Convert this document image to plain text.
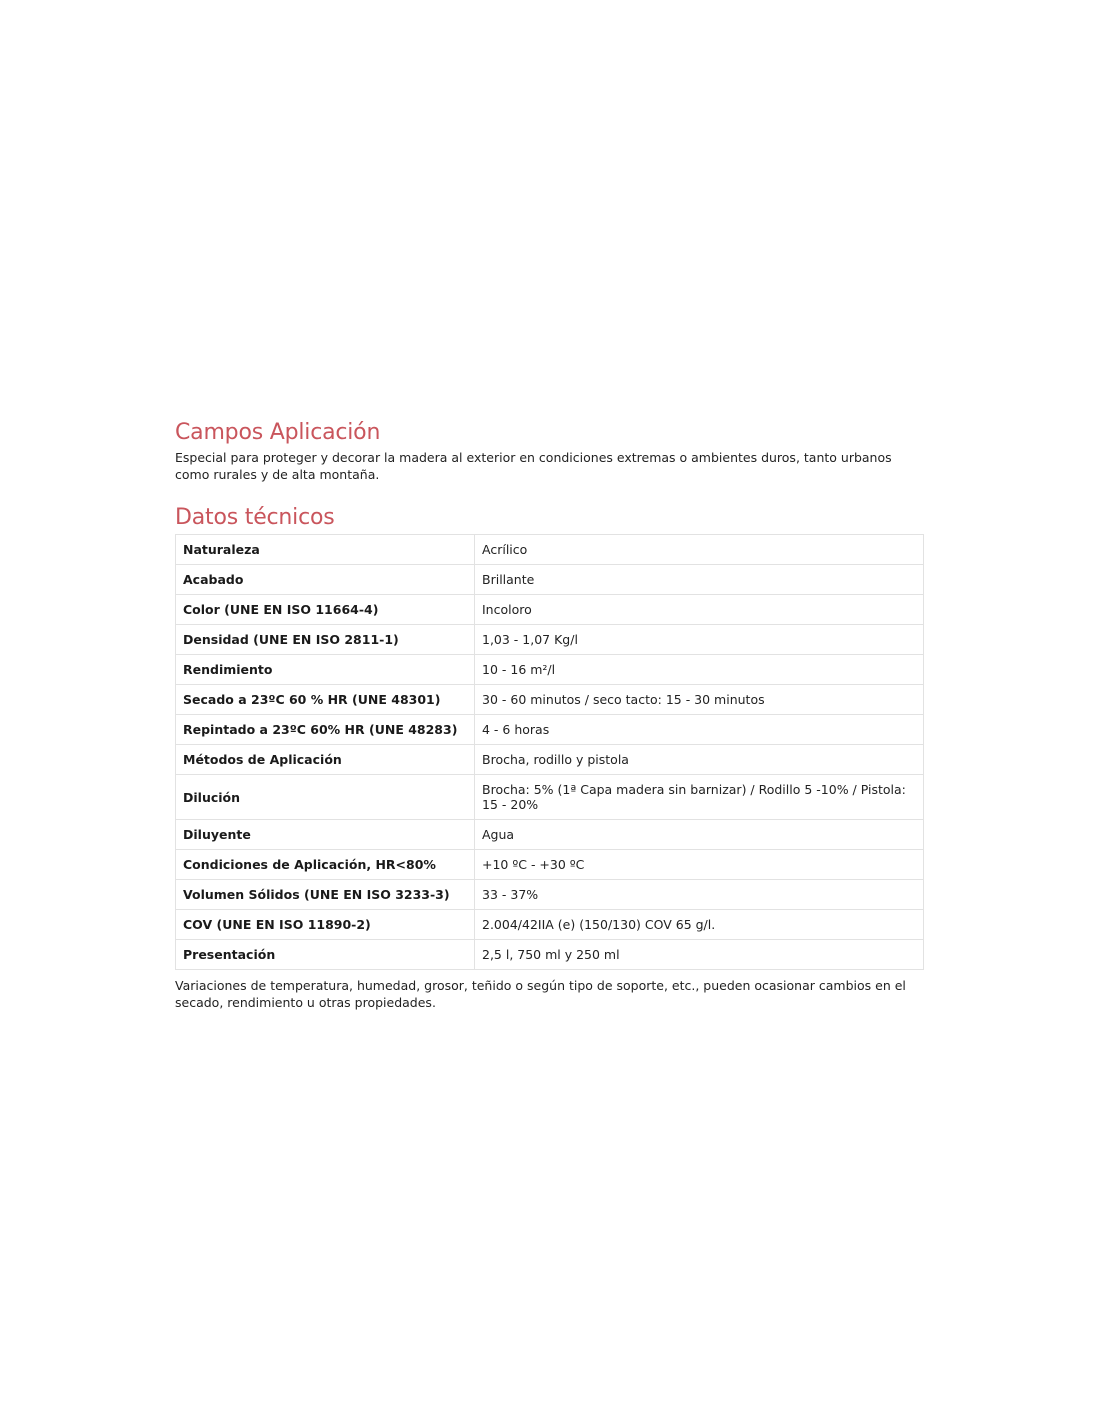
Campos Aplicación

Especial para proteger y decorar la madera al exterior en condiciones extremas o ambientes duros, tanto urbanos como rurales y de alta montaña.

Datos técnicos
Naturaleza	Acrílico
Acabado	Brillante
Color (UNE EN ISO 11664-4)	Incoloro
Densidad (UNE EN ISO 2811-1)	1,03 - 1,07 Kg/l
Rendimiento	10 - 16 m²/l
Secado a 23ºC 60 % HR (UNE 48301)	30 - 60 minutos / seco tacto: 15 - 30 minutos
Repintado a 23ºC 60% HR (UNE 48283)	4 - 6 horas
Métodos de Aplicación	Brocha, rodillo y pistola
Dilución	Brocha: 5% (1ª Capa madera sin barnizar) / Rodillo 5 -10% / Pistola: 15 - 20%
Diluyente	Agua
Condiciones de Aplicación, HR<80%	+10 ºC - +30 ºC
Volumen Sólidos (UNE EN ISO 3233-3)	33 - 37%
COV (UNE EN ISO 11890-2)	2.004/42IIA (e) (150/130) COV 65 g/l.
Presentación	2,5 l, 750 ml y 250 ml

Variaciones de temperatura, humedad, grosor, teñido o según tipo de soporte, etc., pueden ocasionar cambios en el secado, rendimiento u otras propiedades.
